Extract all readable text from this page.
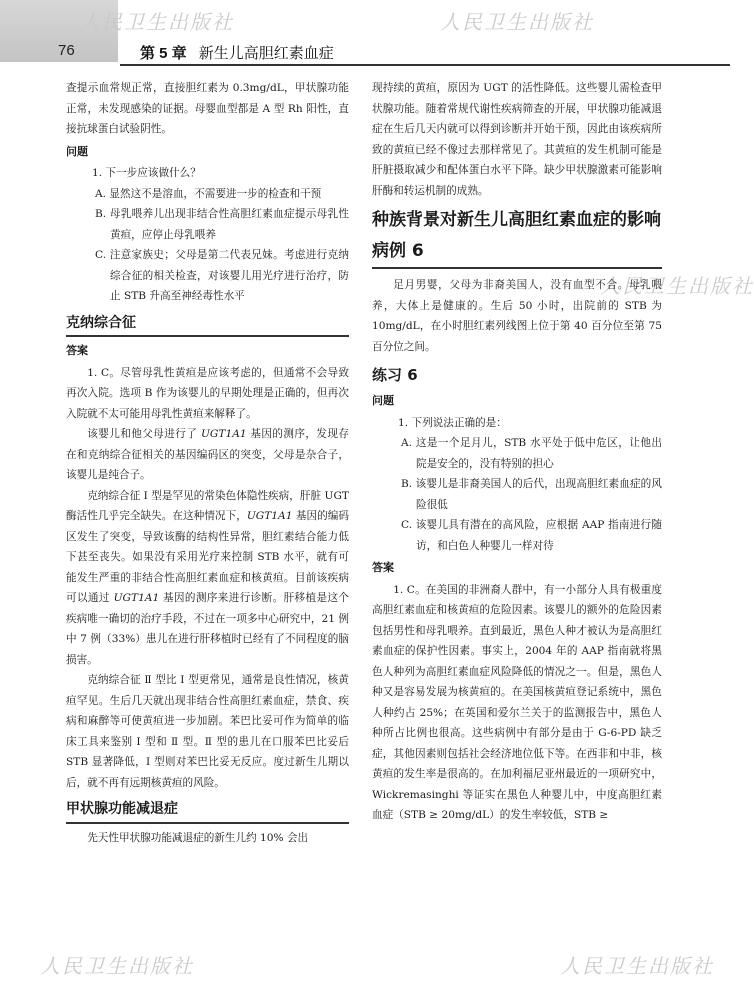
76	第 5 章 新生儿高胆红素血症
人民卫生出版社	人民卫生出版社
人民卫生出版社
人民卫生出版社	人民卫生出版社

查提示血常规正常，直接胆红素为 0.3mg/dL，甲状腺功能正常，未发现感染的证据。母婴血型都是 A 型 Rh 阳性，直接抗球蛋白试验阴性。

问题

1. 下一步应该做什么？

A. 显然这不是溶血，不需要进一步的检查和干预

B. 母乳喂养儿出现非结合性高胆红素血症提示母乳性黄疸，应停止母乳喂养

C. 注意家族史；父母是第二代表兄妹。考虑进行克纳综合征的相关检查，对该婴儿用光疗进行治疗，防止 STB 升高至神经毒性水平

克纳综合征
答案

1. C。尽管母乳性黄疸是应该考虑的，但通常不会导致再次入院。选项 B 作为该婴儿的早期处理是正确的，但再次入院就不太可能用母乳性黄疸来解释了。

该婴儿和他父母进行了 UGT1A1 基因的测序，发现存在和克纳综合征相关的基因编码区的突变，父母是杂合子，该婴儿是纯合子。

克纳综合征 Ⅰ 型是罕见的常染色体隐性疾病，肝脏 UGT 酶活性几乎完全缺失。在这种情况下，UGT1A1 基因的编码区发生了突变，导致该酶的结构性异常，胆红素结合能力低下甚至丧失。如果没有采用光疗来控制 STB 水平，就有可能发生严重的非结合性高胆红素血症和核黄疸。目前该疾病可以通过 UGT1A1 基因的测序来进行诊断。肝移植是这个疾病唯一确切的治疗手段，不过在一项多中心研究中，21 例中 7 例（33%）患儿在进行肝移植时已经有了不同程度的脑损害。

克纳综合征 Ⅱ 型比 Ⅰ 型更常见，通常是良性情况，核黄疸罕见。生后几天就出现非结合性高胆红素血症，禁食、疾病和麻醉等可使黄疸进一步加剧。苯巴比妥可作为简单的临床工具来鉴别 Ⅰ 型和 Ⅱ 型。Ⅱ 型的患儿在口服苯巴比妥后 STB 显著降低，Ⅰ 型则对苯巴比妥无反应。度过新生儿期以后，就不再有远期核黄疸的风险。

甲状腺功能减退症

先天性甲状腺功能减退症的新生儿约 10% 会出

现持续的黄疸，原因为 UGT 的活性降低。这些婴儿需检查甲状腺功能。随着常规代谢性疾病筛查的开展，甲状腺功能减退症在生后几天内就可以得到诊断并开始干预，因此由该疾病所致的黄疸已经不像过去那样常见了。其黄疸的发生机制可能是肝脏摄取减少和配体蛋白水平下降。缺少甲状腺激素可能影响肝酶和转运机制的成熟。

种族背景对新生儿高胆红素血症的影响
病例 6

足月男婴，父母为非裔美国人，没有血型不合。母乳喂养，大体上是健康的。生后 50 小时，出院前的 STB 为 10mg/dL，在小时胆红素列线图上位于第 40 百分位至第 75 百分位之间。

练习 6
问题

1. 下列说法正确的是：

A. 这是一个足月儿，STB 水平处于低中危区，让他出院是安全的，没有特别的担心

B. 该婴儿是非裔美国人的后代，出现高胆红素血症的风险很低

C. 该婴儿具有潜在的高风险，应根据 AAP 指南进行随访，和白色人种婴儿一样对待

答案

1. C。在美国的非洲裔人群中，有一小部分人具有极重度高胆红素血症和核黄疸的危险因素。该婴儿的额外的危险因素包括男性和母乳喂养。直到最近，黑色人种才被认为是高胆红素血症的保护性因素。事实上，2004 年的 AAP 指南就将黑色人种列为高胆红素血症风险降低的情况之一。但是，黑色人种又是容易发展为核黄疸的。在美国核黄疸登记系统中，黑色人种约占 25%；在英国和爱尔兰关于的监测报告中，黑色人种所占比例也很高。这些病例中有部分是由于 G-6-PD 缺乏症，其他因素则包括社会经济地位低下等。在西非和中非，核黄疸的发生率是很高的。在加利福尼亚州最近的一项研究中，Wickremasinghi 等证实在黑色人种婴儿中，中度高胆红素血症（STB ≥ 20mg/dL）的发生率较低，STB ≥
